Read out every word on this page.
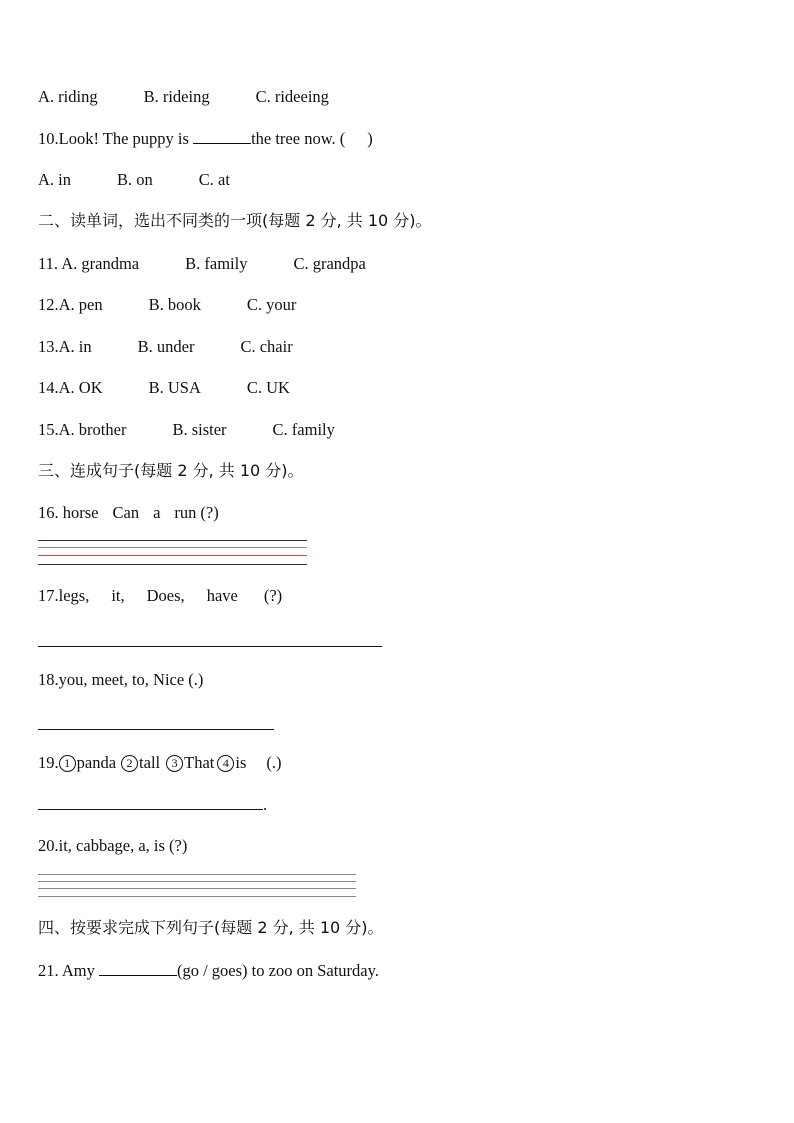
A. riding	B. rideing	C. rideeing
10.Look! The puppy is	the tree now. ( )
A. in	B. on	C. at
二、读单词，选出不同类的一项(每题 2 分, 共 10 分)。
11. A. grandma	B. family	C. grandpa
12.A. pen	B. book	C. your
13.A. in	B. under	C. chair
14.A. OK	B. USA	C. UK
15.A. brother	B. sister	C. family
三、连成句子(每题 2 分, 共 10 分)。
16. horse Can a run (?)
17.legs, it, Does, have (?)
18.you, meet, to, Nice (.)
19. 1 panda 2 tall 3 That 4 is (.)
.
20.it, cabbage, a, is (?)
四、按要求完成下列句子(每题 2 分, 共 10 分)。
21. Amy	(go / goes) to zoo on Saturday.
